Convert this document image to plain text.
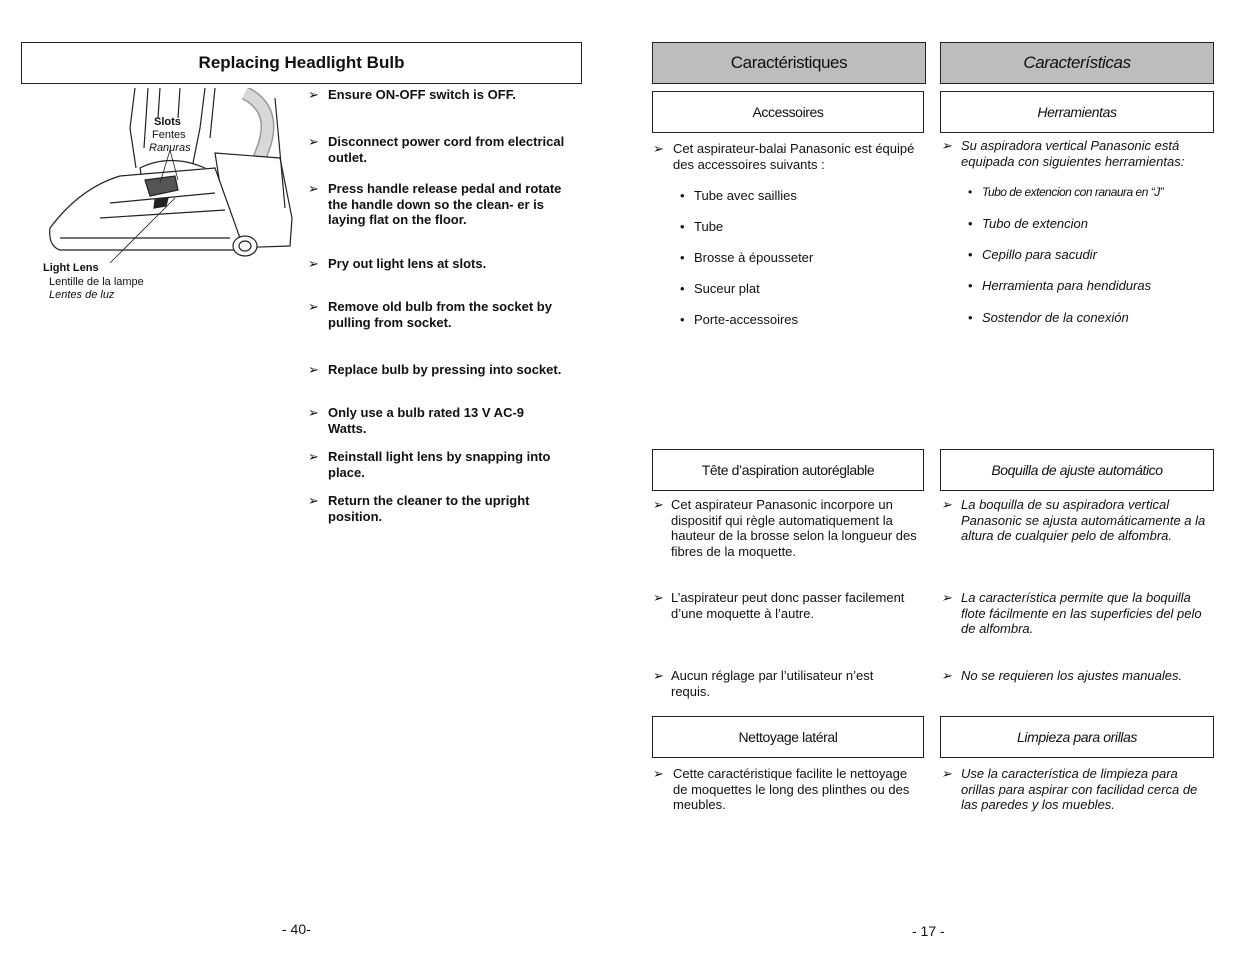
Replacing Headlight Bulb
Slots
Fentes
Ranuras
Light Lens
Lentille de la lampe
Lentes de luz
➢ Ensure ON-OFF switch is OFF.
➢ Disconnect power cord from electrical outlet.
➢ Press handle release pedal and rotate the handle down so the clean- er is laying flat on the floor.
➢ Pry out light lens at slots.
➢ Remove old bulb from the socket by pulling from socket.
➢ Replace bulb by pressing into socket.
➢ Only use a bulb rated 13 V AC-9 Watts.
➢ Reinstall light lens by snapping into place.
➢ Return the cleaner to the upright position.
- 40-
Caractéristiques
Accessoires
➢ Cet aspirateur-balai Panasonic est équipé des accessoires suivants :
• Tube avec saillies
• Tube
• Brosse à épousseter
• Suceur plat
• Porte-accessoires
Tête d’aspiration autoréglable
➢ Cet aspirateur Panasonic incorpore un dispositif qui règle automatiquement la hauteur de la brosse selon la longueur des fibres de la moquette.
➢ L’aspirateur peut donc passer facilement d’une moquette à l’autre.
➢ Aucun réglage par l’utilisateur n’est requis.
Nettoyage latéral
➢ Cette caractéristique facilite le nettoyage de moquettes le long des plinthes ou des meubles.
- 17 -
Características
Herramientas
➢ Su aspiradora vertical Panasonic está equipada con siguientes herramientas:
• Tubo de extencion con ranaura en “J”
• Tubo de extencion
• Cepillo para sacudir
• Herramienta para hendiduras
• Sostendor de la conexión
Boquilla de ajuste automático
➢ La boquilla de su aspiradora vertical Panasonic se ajusta automáticamente a la altura de cualquier pelo de alfombra.
➢ La característica permite que la boquilla flote fácilmente en las superficies del pelo de alfombra.
➢ No se requieren los ajustes manuales.
Limpieza para orillas
➢ Use la característica de limpieza para orillas para aspirar con facilidad cerca de las paredes y los muebles.
